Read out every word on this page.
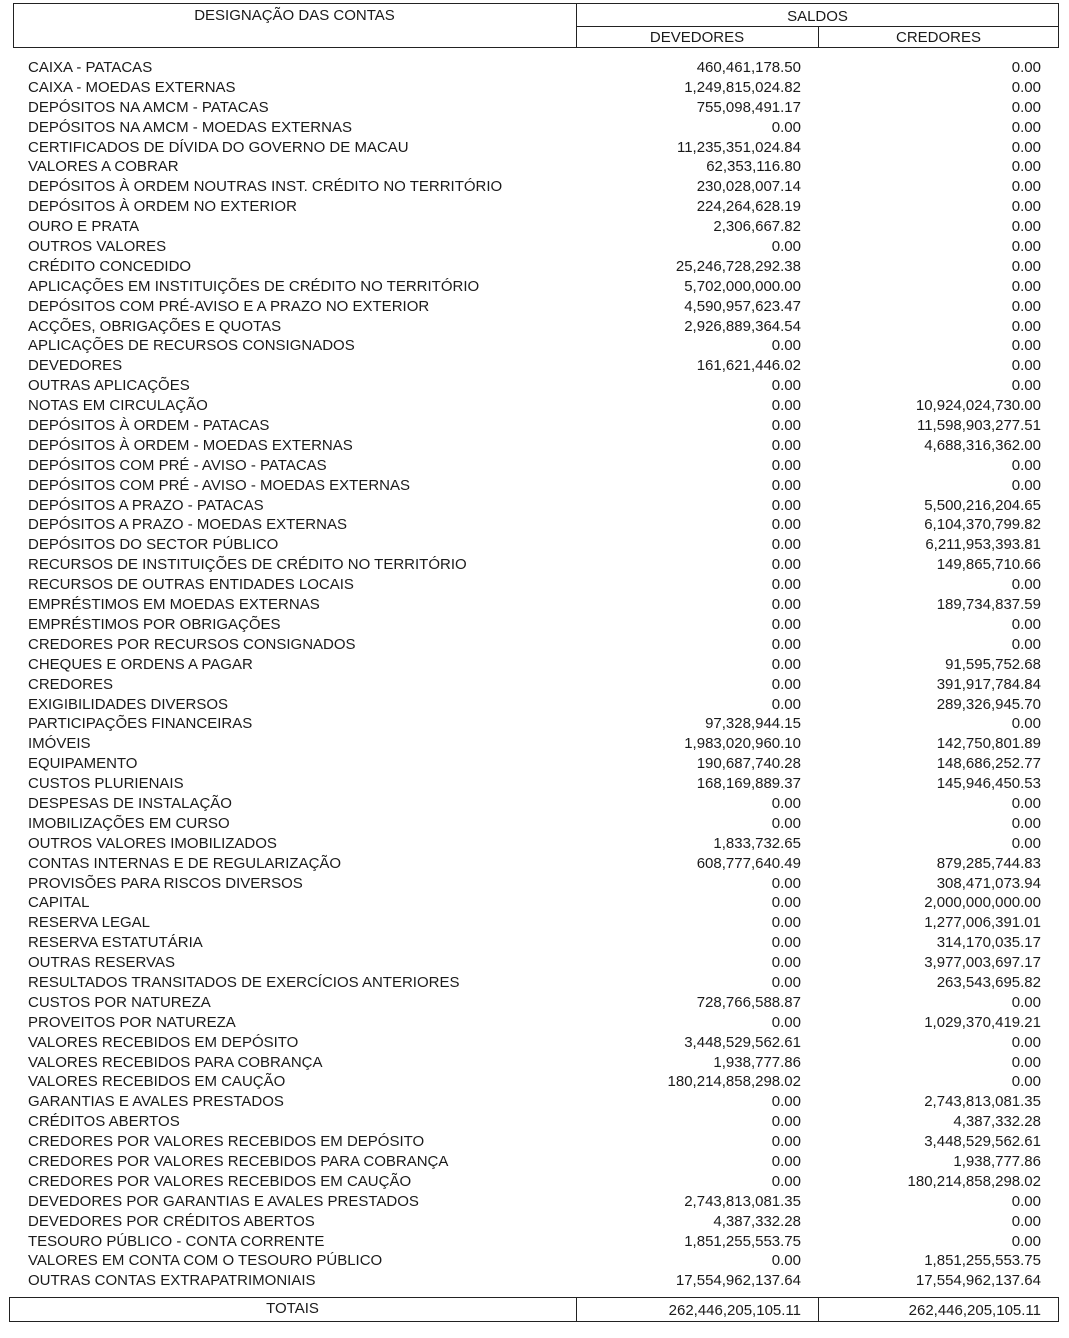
DESIGNAÇÃO DAS CONTAS	SALDOS
DEVEDORES	CREDORES
CAIXA - PATACAS	460,461,178.50	0.00
CAIXA - MOEDAS EXTERNAS	1,249,815,024.82	0.00
DEPÓSITOS NA AMCM - PATACAS	755,098,491.17	0.00
DEPÓSITOS NA AMCM - MOEDAS EXTERNAS	0.00	0.00
CERTIFICADOS DE DÍVIDA DO GOVERNO DE MACAU	11,235,351,024.84	0.00
VALORES A COBRAR	62,353,116.80	0.00
DEPÓSITOS À ORDEM NOUTRAS INST. CRÉDITO NO TERRITÓRIO	230,028,007.14	0.00
DEPÓSITOS À ORDEM NO EXTERIOR	224,264,628.19	0.00
OURO E PRATA	2,306,667.82	0.00
OUTROS VALORES	0.00	0.00
CRÉDITO CONCEDIDO	25,246,728,292.38	0.00
APLICAÇÕES EM INSTITUIÇÕES DE CRÉDITO NO TERRITÓRIO	5,702,000,000.00	0.00
DEPÓSITOS COM PRÉ-AVISO E A PRAZO NO EXTERIOR	4,590,957,623.47	0.00
ACÇÕES, OBRIGAÇÕES E QUOTAS	2,926,889,364.54	0.00
APLICAÇÕES DE RECURSOS CONSIGNADOS	0.00	0.00
DEVEDORES	161,621,446.02	0.00
OUTRAS APLICAÇÕES	0.00	0.00
NOTAS EM CIRCULAÇÃO	0.00	10,924,024,730.00
DEPÓSITOS À ORDEM - PATACAS	0.00	11,598,903,277.51
DEPÓSITOS À ORDEM - MOEDAS EXTERNAS	0.00	4,688,316,362.00
DEPÓSITOS COM PRÉ - AVISO - PATACAS	0.00	0.00
DEPÓSITOS COM PRÉ - AVISO - MOEDAS EXTERNAS	0.00	0.00
DEPÓSITOS A PRAZO - PATACAS	0.00	5,500,216,204.65
DEPÓSITOS A PRAZO - MOEDAS EXTERNAS	0.00	6,104,370,799.82
DEPÓSITOS DO SECTOR PÚBLICO	0.00	6,211,953,393.81
RECURSOS DE INSTITUIÇÕES DE CRÉDITO NO TERRITÓRIO	0.00	149,865,710.66
RECURSOS DE OUTRAS ENTIDADES LOCAIS	0.00	0.00
EMPRÉSTIMOS EM MOEDAS EXTERNAS	0.00	189,734,837.59
EMPRÉSTIMOS POR OBRIGAÇÕES	0.00	0.00
CREDORES POR RECURSOS CONSIGNADOS	0.00	0.00
CHEQUES E ORDENS A PAGAR	0.00	91,595,752.68
CREDORES	0.00	391,917,784.84
EXIGIBILIDADES DIVERSOS	0.00	289,326,945.70
PARTICIPAÇÕES FINANCEIRAS	97,328,944.15	0.00
IMÓVEIS	1,983,020,960.10	142,750,801.89
EQUIPAMENTO	190,687,740.28	148,686,252.77
CUSTOS PLURIENAIS	168,169,889.37	145,946,450.53
DESPESAS DE INSTALAÇÃO	0.00	0.00
IMOBILIZAÇÕES EM CURSO	0.00	0.00
OUTROS VALORES IMOBILIZADOS	1,833,732.65	0.00
CONTAS INTERNAS E DE REGULARIZAÇÃO	608,777,640.49	879,285,744.83
PROVISÕES PARA RISCOS DIVERSOS	0.00	308,471,073.94
CAPITAL	0.00	2,000,000,000.00
RESERVA LEGAL	0.00	1,277,006,391.01
RESERVA ESTATUTÁRIA	0.00	314,170,035.17
OUTRAS RESERVAS	0.00	3,977,003,697.17
RESULTADOS TRANSITADOS DE EXERCÍCIOS ANTERIORES	0.00	263,543,695.82
CUSTOS POR NATUREZA	728,766,588.87	0.00
PROVEITOS POR NATUREZA	0.00	1,029,370,419.21
VALORES RECEBIDOS EM DEPÓSITO	3,448,529,562.61	0.00
VALORES RECEBIDOS PARA COBRANÇA	1,938,777.86	0.00
VALORES RECEBIDOS EM CAUÇÃO	180,214,858,298.02	0.00
GARANTIAS E AVALES PRESTADOS	0.00	2,743,813,081.35
CRÉDITOS ABERTOS	0.00	4,387,332.28
CREDORES POR VALORES RECEBIDOS EM DEPÓSITO	0.00	3,448,529,562.61
CREDORES POR VALORES RECEBIDOS PARA COBRANÇA	0.00	1,938,777.86
CREDORES POR VALORES RECEBIDOS EM CAUÇÃO	0.00	180,214,858,298.02
DEVEDORES POR GARANTIAS E AVALES PRESTADOS	2,743,813,081.35	0.00
DEVEDORES POR CRÉDITOS ABERTOS	4,387,332.28	0.00
TESOURO PÚBLICO - CONTA CORRENTE	1,851,255,553.75	0.00
VALORES EM CONTA COM O TESOURO PÚBLICO	0.00	1,851,255,553.75
OUTRAS CONTAS EXTRAPATRIMONIAIS	17,554,962,137.64	17,554,962,137.64
TOTAIS	262,446,205,105.11	262,446,205,105.11
